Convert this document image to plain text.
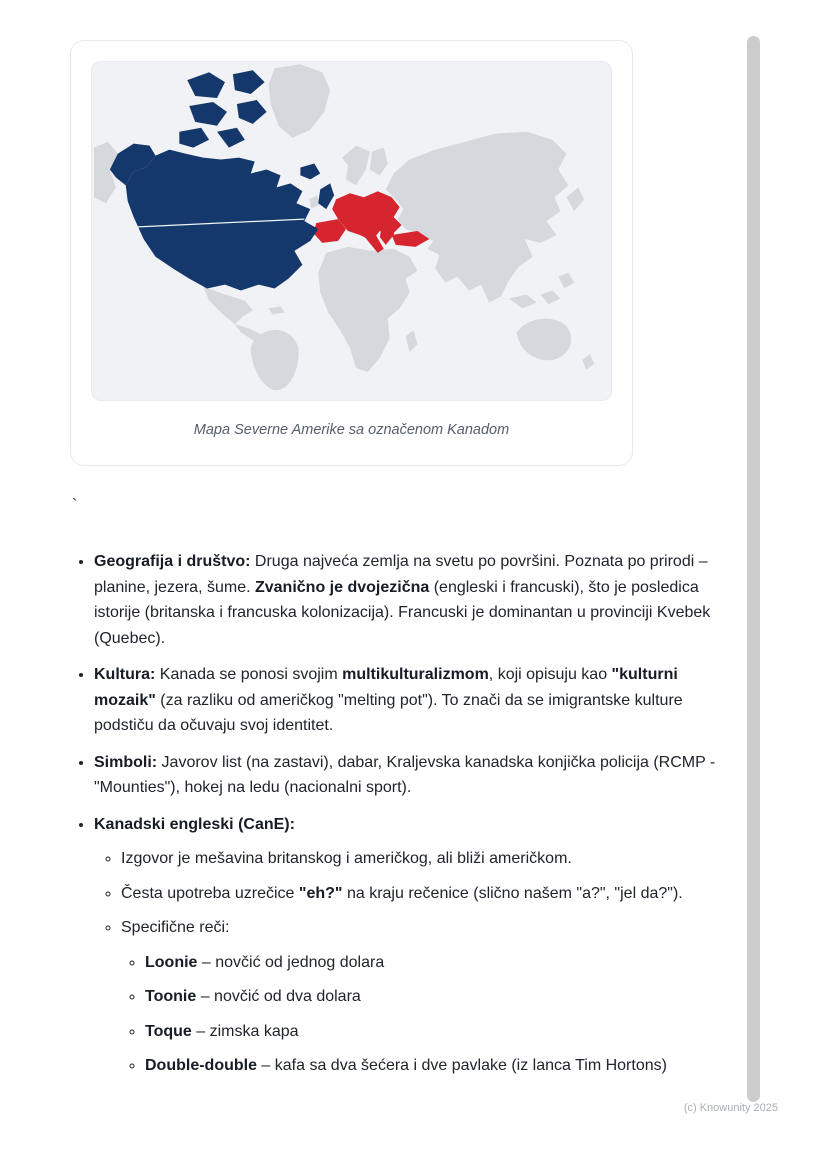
Mapa Severne Amerike sa označenom Kanadom

`
• Geografija i društvo: Druga najveća zemlja na svetu po površini. Poznata po prirodi – planine, jezera, šume. Zvanično je dvojezična (engleski i francuski), što je posledica istorije (britanska i francuska kolonizacija). Francuski je dominantan u provinciji Kvebek (Quebec).
• Kultura: Kanada se ponosi svojim multikulturalizmom, koji opisuju kao "kulturni mozaik" (za razliku od američkog "melting pot"). To znači da se imigrantske kulture podstiču da očuvaju svoj identitet.
• Simboli: Javorov list (na zastavi), dabar, Kraljevska kanadska konjička policija (RCMP - "Mounties"), hokej na ledu (nacionalni sport).
• Kanadski engleski (CanE):
◦ Izgovor je mešavina britanskog i američkog, ali bliži američkom.
◦ Česta upotreba uzrečice "eh?" na kraju rečenice (slično našem "a?", "jel da?").
◦ Specifične reči:
◦ Loonie – novčić od jednog dolara
◦ Toonie – novčić od dva dolara
◦ Toque – zimska kapa
◦ Double-double – kafa sa dva šećera i dve pavlake (iz lanca Tim Hortons)
(c) Knowunity 2025
